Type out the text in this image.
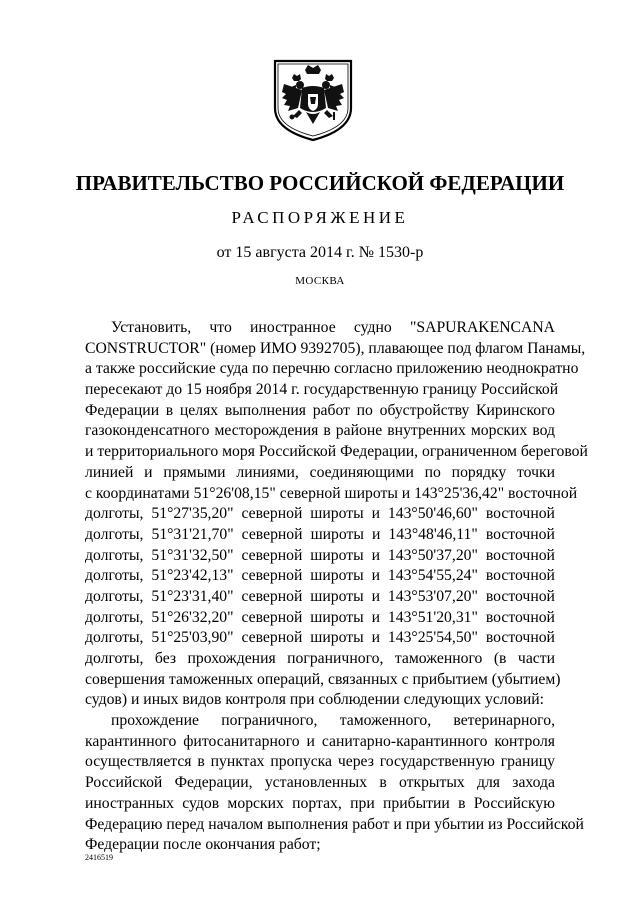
ПРАВИТЕЛЬСТВО РОССИЙСКОЙ ФЕДЕРАЦИИ
РАСПОРЯЖЕНИЕ
от 15 августа 2014 г. № 1530-р
МОСКВА
Установить, что иностранное судно "SAPURAKENCANA
CONSTRUCTOR" (номер ИМО 9392705), плавающее под флагом Панамы,
а также российские суда по перечню согласно приложению неоднократно
пересекают до 15 ноября 2014 г. государственную границу Российской
Федерации в целях выполнения работ по обустройству Киринского
газоконденсатного месторождения в районе внутренних морских вод
и территориального моря Российской Федерации, ограниченном береговой
линией и прямыми линиями, соединяющими по порядку точки
с координатами 51°26'08,15" северной широты и 143°25'36,42" восточной
долготы, 51°27'35,20" северной широты и 143°50'46,60" восточной
долготы, 51°31'21,70" северной широты и 143°48'46,11" восточной
долготы, 51°31'32,50" северной широты и 143°50'37,20" восточной
долготы, 51°23'42,13" северной широты и 143°54'55,24" восточной
долготы, 51°23'31,40" северной широты и 143°53'07,20" восточной
долготы, 51°26'32,20" северной широты и 143°51'20,31" восточной
долготы, 51°25'03,90" северной широты и 143°25'54,50" восточной
долготы, без прохождения пограничного, таможенного (в части
совершения таможенных операций, связанных с прибытием (убытием)
судов) и иных видов контроля при соблюдении следующих условий:
прохождение пограничного, таможенного, ветеринарного,
карантинного фитосанитарного и санитарно-карантинного контроля
осуществляется в пунктах пропуска через государственную границу
Российской Федерации, установленных в открытых для захода
иностранных судов морских портах, при прибытии в Российскую
Федерацию перед началом выполнения работ и при убытии из Российской
Федерации после окончания работ;
2416519
